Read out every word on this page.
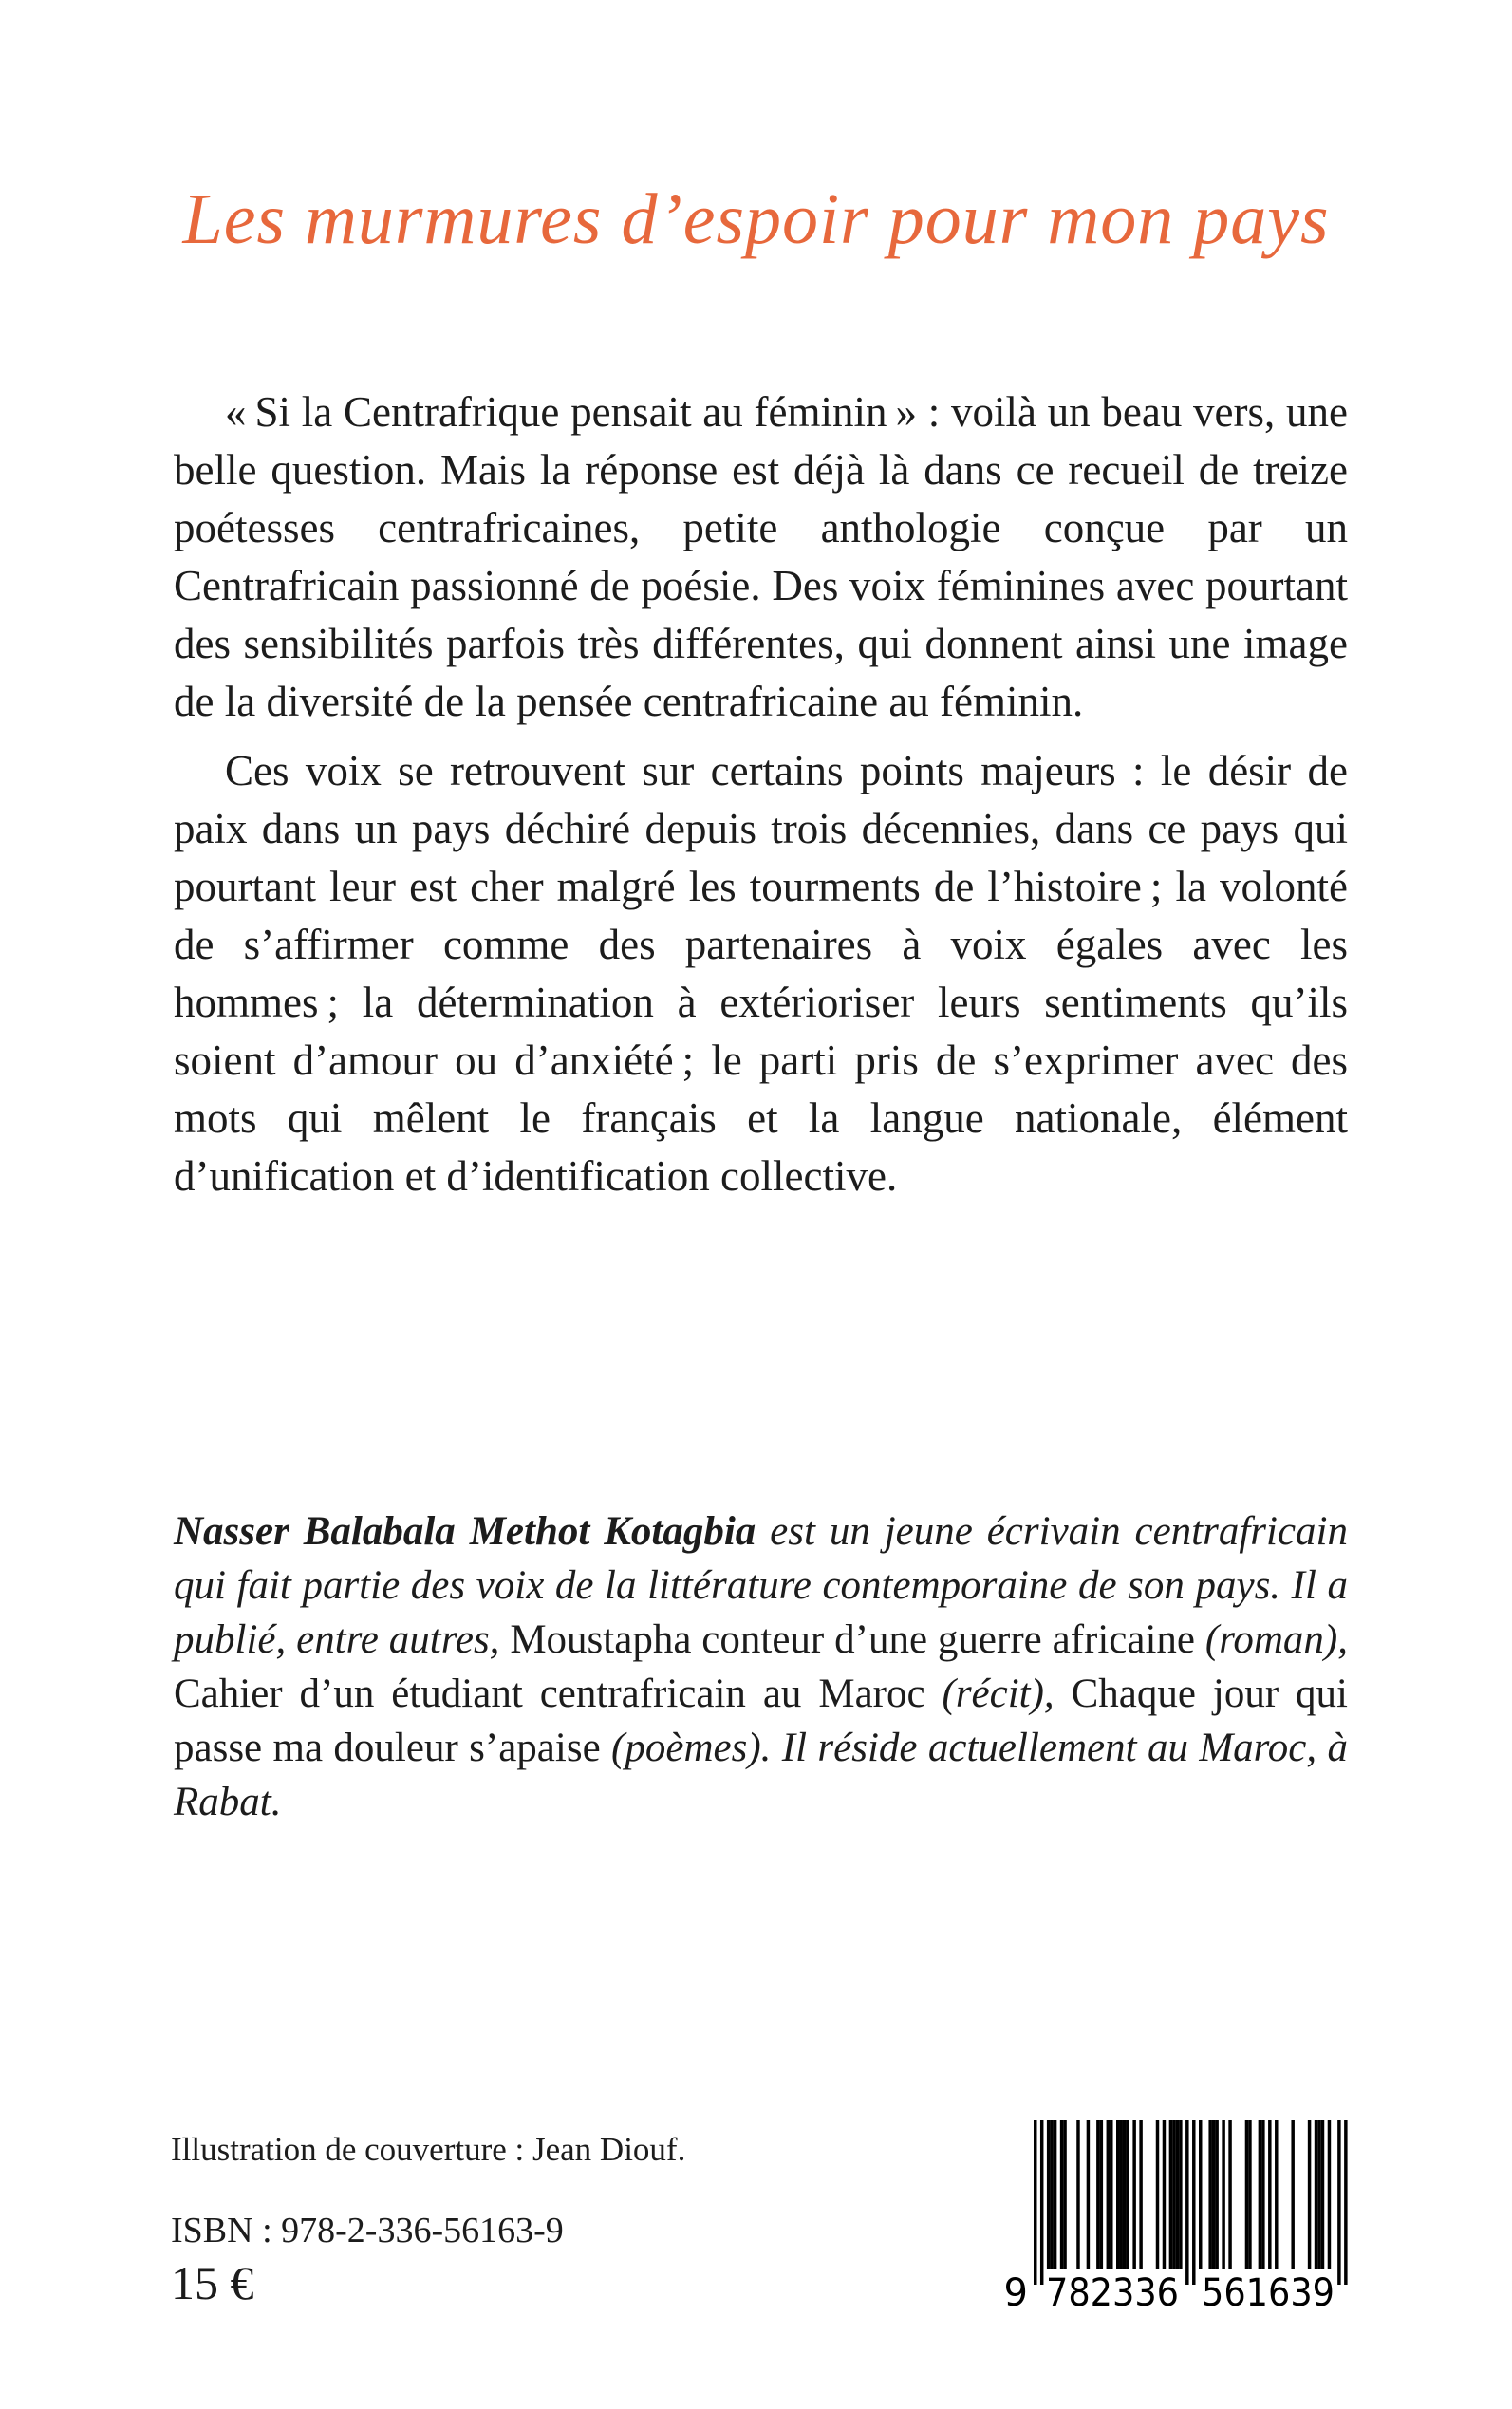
Les murmures d’espoir pour mon pays

« Si la Centrafrique pensait au féminin » : voilà un beau vers, une belle question. Mais la réponse est déjà là dans ce recueil de treize poétesses centrafricaines, petite anthologie conçue par un Centrafricain passionné de poésie. Des voix féminines avec pourtant des sensibilités parfois très différentes, qui donnent ainsi une image de la diversité de la pensée centrafricaine au féminin.

Ces voix se retrouvent sur certains points majeurs : le désir de paix dans un pays déchiré depuis trois décennies, dans ce pays qui pourtant leur est cher malgré les tourments de l’histoire ; la volonté de s’affirmer comme des partenaires à voix égales avec les hommes ; la détermination à extérioriser leurs sentiments qu’ils soient d’amour ou d’anxiété ; le parti pris de s’exprimer avec des mots qui mêlent le français et la langue nationale, élément d’unification et d’identification collective.

Nasser Balabala Methot Kotagbia est un jeune écrivain centrafricain qui fait partie des voix de la littérature contemporaine de son pays. Il a publié, entre autres, Moustapha conteur d’une guerre africaine (roman), Cahier d’un étudiant centrafricain au Maroc (récit), Chaque jour qui passe ma douleur s’apaise (poèmes). Il réside actuellement au Maroc, à Rabat.

Illustration de couverture : Jean Diouf.
ISBN : 978-2-336-56163-9
15 €	9 782336 561639
